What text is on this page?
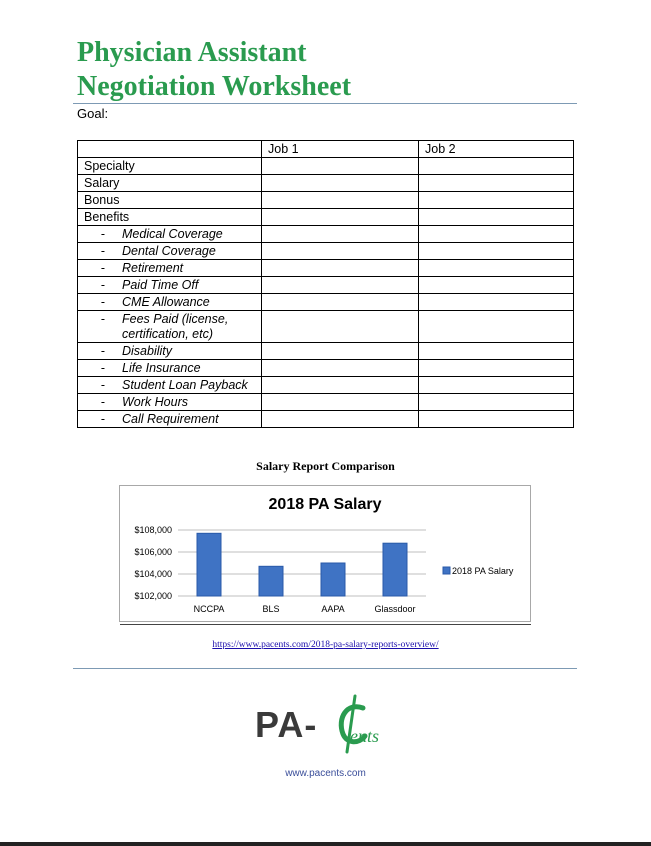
Physician Assistant
Negotiation Worksheet
Goal:
	Job 1	Job 2
Specialty		
Salary		
Bonus		
Benefits		

- Medical Coverage		

- Dental Coverage		

- Retirement		

- Paid Time Off		

- CME Allowance		

- Fees Paid (license, certification, etc)		

- Disability		

- Life Insurance		

- Student Loan Payback		

- Work Hours		

- Call Requirement		

Salary Report Comparison
2018 PA Salary
$102,000
$104,000
$106,000
$108,000
NCCPA	BLS	AAPA	Glassdoor
2018 PA Salary
https://www.pacents.com/2018-pa-salary-reports-overview/
PA- ents
www.pacents.com
